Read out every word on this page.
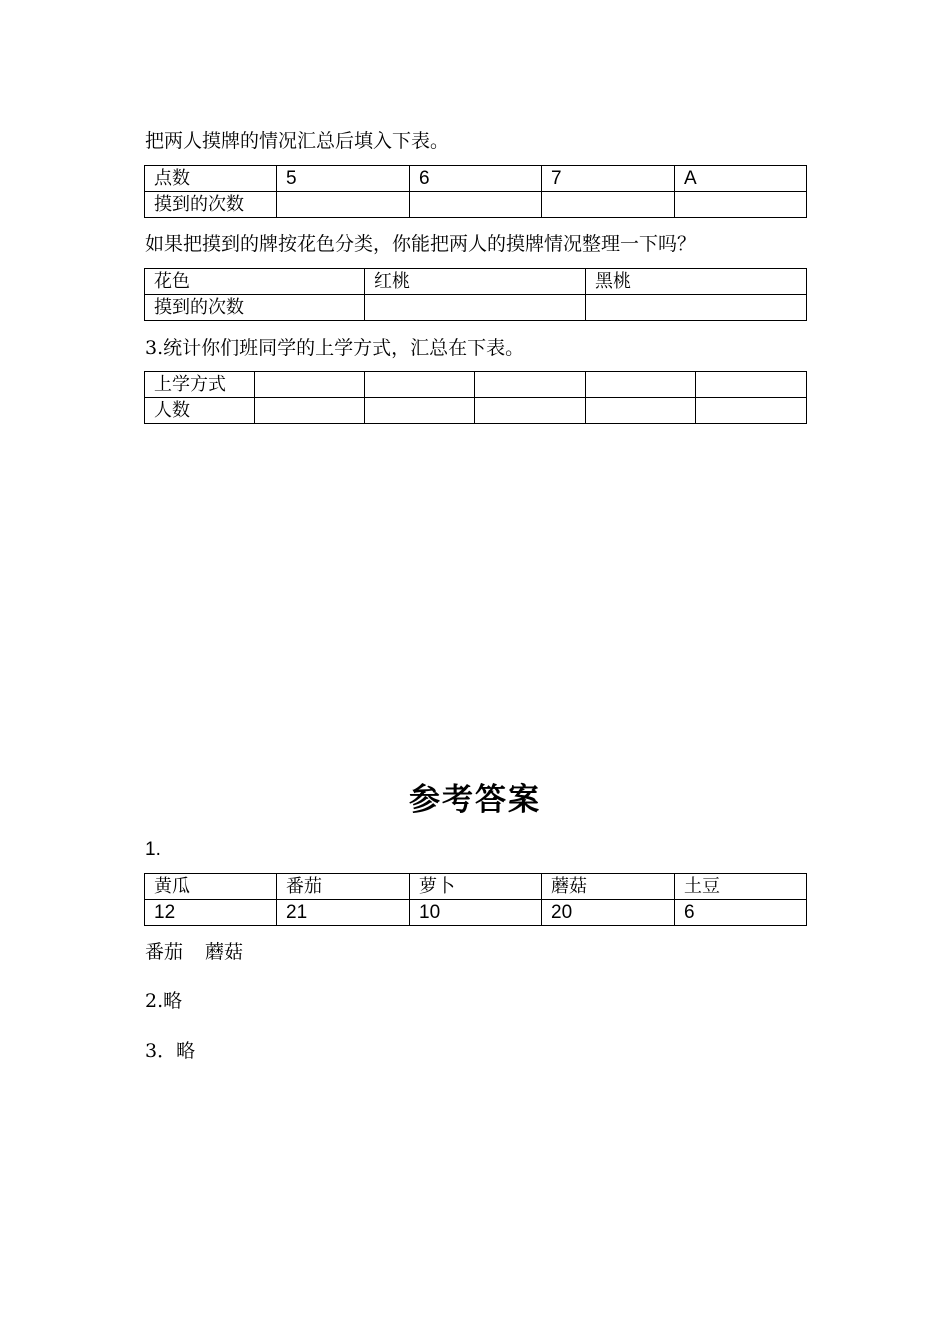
把两人摸牌的情况汇总后填入下表。
点数	5	6	7	A
摸到的次数				
如果把摸到的牌按花色分类，你能把两人的摸牌情况整理一下吗？
花色	红桃	黑桃
摸到的次数		
3.统计你们班同学的上学方式，汇总在下表。
上学方式					
人数					
参考答案
1.
黄瓜	番茄	萝卜	蘑菇	土豆
12	21	10	20	6
番茄 蘑菇
2.略
3．略
